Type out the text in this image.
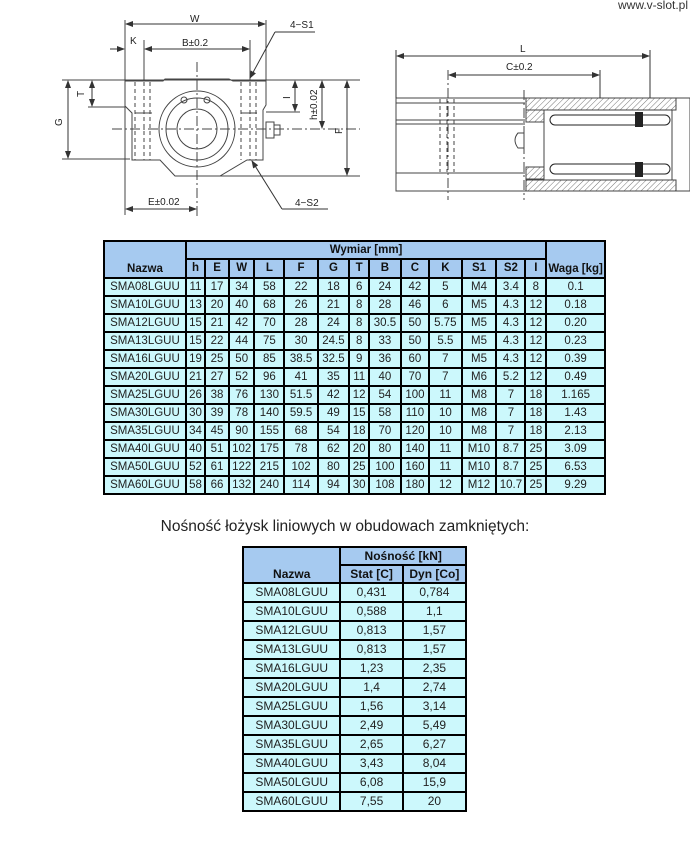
www.v-slot.pl
W
K	B±0.2
4−S1
T
G
I h±0.02
F
E±0.02	4−S2
L
C±0.2
Nazwa	Wymiar [mm]													Waga [kg]
	h	E	W	L	F	G	T	B	C	K	S1	S2	I	
SMA08LGUU	11	17	34	58	22	18	6	24	42	5	M4	3.4	8	0.1
SMA10LGUU	13	20	40	68	26	21	8	28	46	6	M5	4.3	12	0.18
SMA12LGUU	15	21	42	70	28	24	8	30.5	50	5.75	M5	4.3	12	0.20
SMA13LGUU	15	22	44	75	30	24.5	8	33	50	5.5	M5	4.3	12	0.23
SMA16LGUU	19	25	50	85	38.5	32.5	9	36	60	7	M5	4.3	12	0.39
SMA20LGUU	21	27	52	96	41	35	11	40	70	7	M6	5.2	12	0.49
SMA25LGUU	26	38	76	130	51.5	42	12	54	100	11	M8	7	18	1.165
SMA30LGUU	30	39	78	140	59.5	49	15	58	110	10	M8	7	18	1.43
SMA35LGUU	34	45	90	155	68	54	18	70	120	10	M8	7	18	2.13
SMA40LGUU	40	51	102	175	78	62	20	80	140	11	M10	8.7	25	3.09
SMA50LGUU	52	61	122	215	102	80	25	100	160	11	M10	8.7	25	6.53
SMA60LGUU	58	66	132	240	114	94	30	108	180	12	M12	10.7	25	9.29
Nośność łożysk liniowych w obudowach zamkniętych:
Nazwa	Nośność [kN]	
	Stat [C]	Dyn [Co]
SMA08LGUU	0,431	0,784
SMA10LGUU	0,588	1,1
SMA12LGUU	0,813	1,57
SMA13LGUU	0,813	1,57
SMA16LGUU	1,23	2,35
SMA20LGUU	1,4	2,74
SMA25LGUU	1,56	3,14
SMA30LGUU	2,49	5,49
SMA35LGUU	2,65	6,27
SMA40LGUU	3,43	8,04
SMA50LGUU	6,08	15,9
SMA60LGUU	7,55	20
